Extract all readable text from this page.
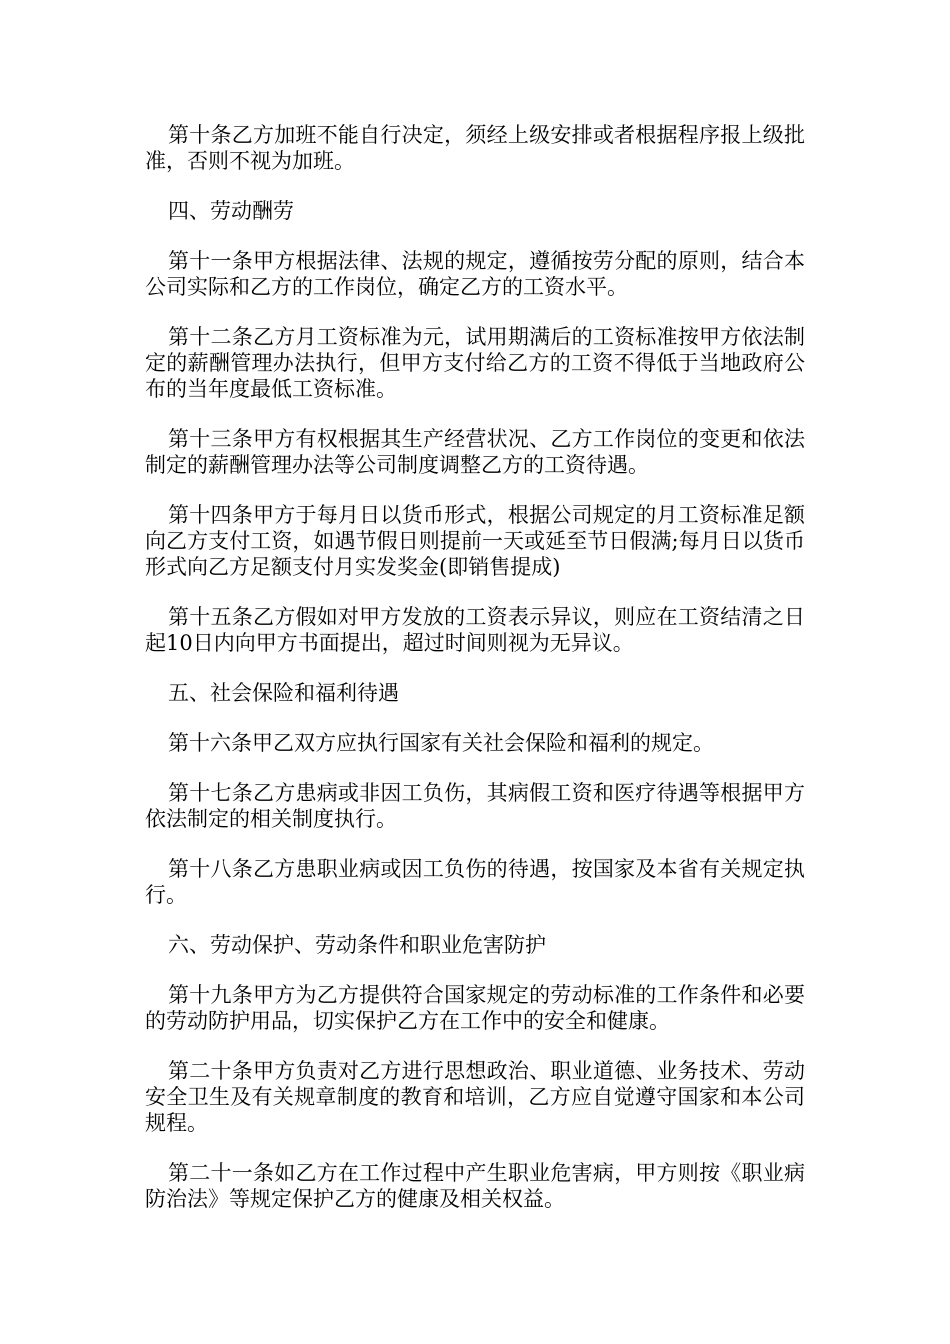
第十条乙方加班不能自行决定，须经上级安排或者根据程序报上级批准，否则不视为加班。

四、劳动酬劳

第十一条甲方根据法律、法规的规定，遵循按劳分配的原则，结合本公司实际和乙方的工作岗位，确定乙方的工资水平。

第十二条乙方月工资标准为元，试用期满后的工资标准按甲方依法制定的薪酬管理办法执行，但甲方支付给乙方的工资不得低于当地政府公布的当年度最低工资标准。

第十三条甲方有权根据其生产经营状况、乙方工作岗位的变更和依法制定的薪酬管理办法等公司制度调整乙方的工资待遇。

第十四条甲方于每月日以货币形式，根据公司规定的月工资标准足额向乙方支付工资，如遇节假日则提前一天或延至节日假满;每月日以货币形式向乙方足额支付月实发奖金(即销售提成)

第十五条乙方假如对甲方发放的工资表示异议，则应在工资结清之日起10日内向甲方书面提出，超过时间则视为无异议。

五、社会保险和福利待遇

第十六条甲乙双方应执行国家有关社会保险和福利的规定。

第十七条乙方患病或非因工负伤，其病假工资和医疗待遇等根据甲方依法制定的相关制度执行。

第十八条乙方患职业病或因工负伤的待遇，按国家及本省有关规定执行。

六、劳动保护、劳动条件和职业危害防护

第十九条甲方为乙方提供符合国家规定的劳动标准的工作条件和必要的劳动防护用品，切实保护乙方在工作中的安全和健康。

第二十条甲方负责对乙方进行思想政治、职业道德、业务技术、劳动安全卫生及有关规章制度的教育和培训，乙方应自觉遵守国家和本公司规程。

第二十一条如乙方在工作过程中产生职业危害病，甲方则按《职业病防治法》等规定保护乙方的健康及相关权益。
